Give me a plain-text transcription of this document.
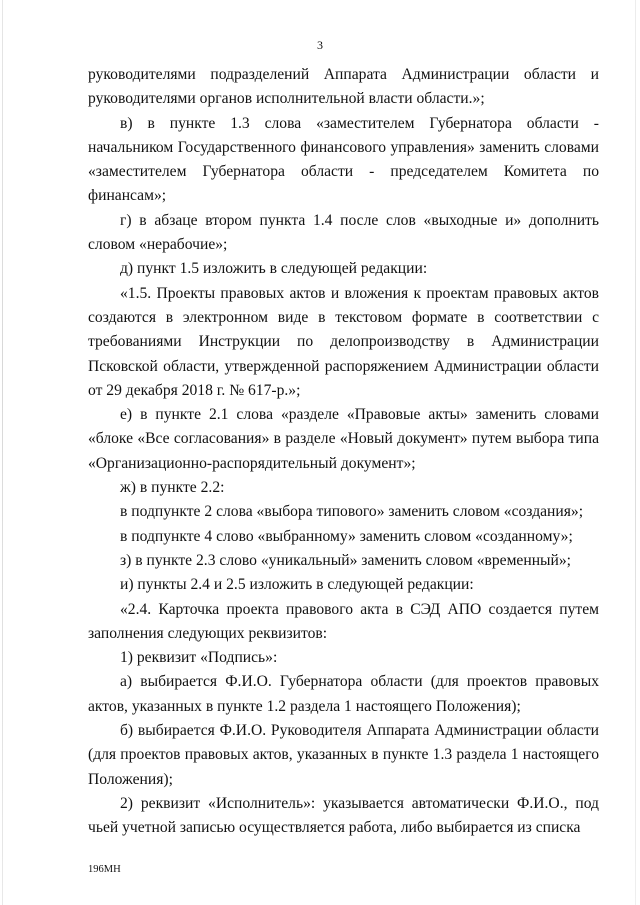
3

руководителями подразделений Аппарата Администрации области и руководителями органов исполнительной власти области.»;

в) в пункте 1.3 слова «заместителем Губернатора области - начальником Государственного финансового управления» заменить словами «заместителем Губернатора области - председателем Комитета по финансам»;

г) в абзаце втором пункта 1.4 после слов «выходные и» дополнить словом «нерабочие»;

д) пункт 1.5 изложить в следующей редакции:

«1.5. Проекты правовых актов и вложения к проектам правовых актов создаются в электронном виде в текстовом формате в соответствии с требованиями Инструкции по делопроизводству в Администрации Псковской области, утвержденной распоряжением Администрации области от 29 декабря 2018 г. № 617-р.»;

е) в пункте 2.1 слова «разделе «Правовые акты» заменить словами «блоке «Все согласования» в разделе «Новый документ» путем выбора типа «Организационно-распорядительный документ»;

ж) в пункте 2.2:

в подпункте 2 слова «выбора типового» заменить словом «создания»;

в подпункте 4 слово «выбранному» заменить словом «созданному»;

з) в пункте 2.3 слово «уникальный» заменить словом «временный»;

и) пункты 2.4 и 2.5 изложить в следующей редакции:

«2.4. Карточка проекта правового акта в СЭД АПО создается путем заполнения следующих реквизитов:

1) реквизит «Подпись»:

а) выбирается Ф.И.О. Губернатора области (для проектов правовых актов, указанных в пункте 1.2 раздела 1 настоящего Положения);

б) выбирается Ф.И.О. Руководителя Аппарата Администрации области (для проектов правовых актов, указанных в пункте 1.3 раздела 1 настоящего Положения);

2) реквизит «Исполнитель»: указывается автоматически Ф.И.О., под чьей учетной записью осуществляется работа, либо выбирается из списка

196МН
